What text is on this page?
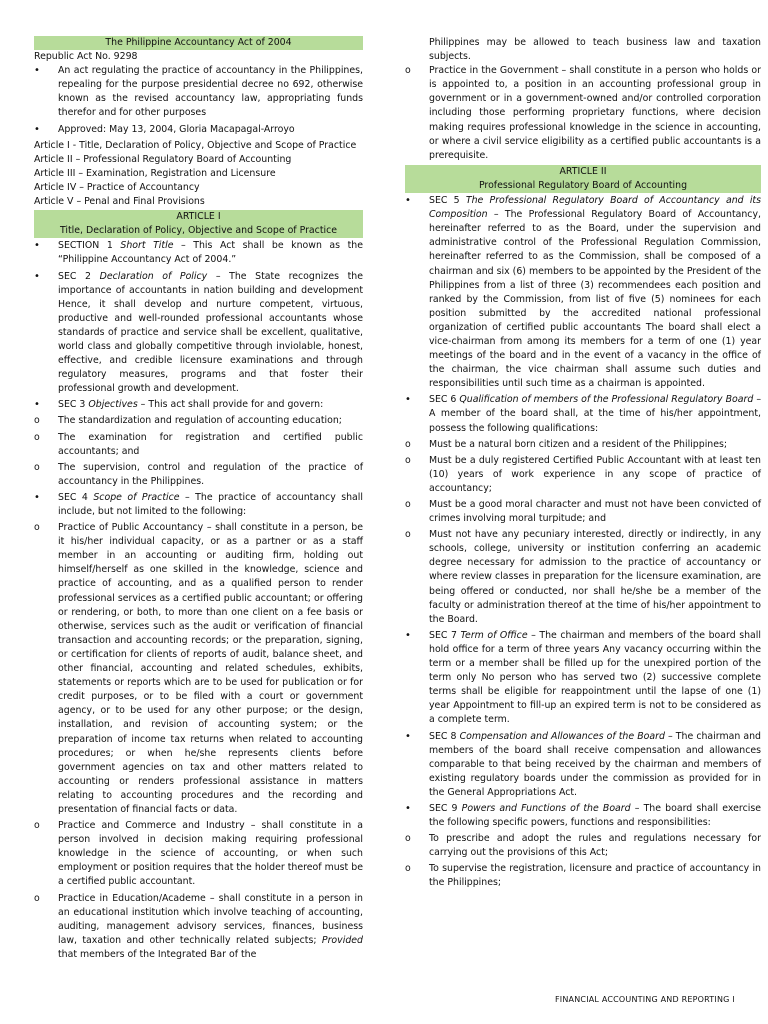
The Philippine Accountancy Act of 2004

Republic Act No. 9298

•	An act regulating the practice of accountancy in the Philippines, repealing for the purpose presidential decree no 692, otherwise known as the revised accountancy law, appropriating funds therefor and for other purposes
•	Approved: May 13, 2004, Gloria Macapagal-Arroyo

Article I - Title, Declaration of Policy, Objective and Scope of Practice

Article II – Professional Regulatory Board of Accounting

Article III – Examination, Registration and Licensure

Article IV – Practice of Accountancy

Article V – Penal and Final Provisions

ARTICLE I
Title, Declaration of Policy, Objective and Scope of Practice
•	SECTION 1 Short Title – This Act shall be known as the “Philippine Accountancy Act of 2004.”
•	SEC 2 Declaration of Policy – The State recognizes the importance of accountants in nation building and development Hence, it shall develop and nurture competent, virtuous, productive and well-rounded professional accountants whose standards of practice and service shall be excellent, qualitative, world class and globally competitive through inviolable, honest, effective, and credible licensure examinations and through regulatory measures, programs and that foster their professional growth and development.
•	SEC 3 Objectives – This act shall provide for and govern:
o	The standardization and regulation of accounting education;
o	The examination for registration and certified public accountants; and
o	The supervision, control and regulation of the practice of accountancy in the Philippines.
•	SEC 4 Scope of Practice – The practice of accountancy shall include, but not limited to the following:
o	Practice of Public Accountancy – shall constitute in a person, be it his/her individual capacity, or as a partner or as a staff member in an accounting or auditing firm, holding out himself/herself as one skilled in the knowledge, science and practice of accounting, and as a qualified person to render professional services as a certified public accountant; or offering or rendering, or both, to more than one client on a fee basis or otherwise, services such as the audit or verification of financial transaction and accounting records; or the preparation, signing, or certification for clients of reports of audit, balance sheet, and other financial, accounting and related schedules, exhibits, statements or reports which are to be used for publication or for credit purposes, or to be filed with a court or government agency, or to be used for any other purpose; or the design, installation, and revision of accounting system; or the preparation of income tax returns when related to accounting procedures; or when he/she represents clients before government agencies on tax and other matters related to accounting or renders professional assistance in matters relating to accounting procedures and the recording and presentation of financial facts or data.
o	Practice and Commerce and Industry – shall constitute in a person involved in decision making requiring professional knowledge in the science of accounting, or when such employment or position requires that the holder thereof must be a certified public accountant.
o	Practice in Education/Academe – shall constitute in a person in an educational institution which involve teaching of accounting, auditing, management advisory services, finances, business law, taxation and other technically related subjects; Provided that members of the Integrated Bar of the

Philippines may be allowed to teach business law and taxation subjects.

o	Practice in the Government – shall constitute in a person who holds or is appointed to, a position in an accounting professional group in government or in a government-owned and/or controlled corporation including those performing proprietary functions, where decision making requires professional knowledge in the science in accounting, or where a civil service eligibility as a certified public accountants is a prerequisite.
ARTICLE II
Professional Regulatory Board of Accounting
•	SEC 5 The Professional Regulatory Board of Accountancy and its Composition – The Professional Regulatory Board of Accountancy, hereinafter referred to as the Board, under the supervision and administrative control of the Professional Regulation Commission, hereinafter referred to as the Commission, shall be composed of a chairman and six (6) members to be appointed by the President of the Philippines from a list of three (3) recommendees each position and ranked by the Commission, from list of five (5) nominees for each position submitted by the accredited national professional organization of certified public accountants The board shall elect a vice-chairman from among its members for a term of one (1) year meetings of the board and in the event of a vacancy in the office of the chairman, the vice chairman shall assume such duties and responsibilities until such time as a chairman is appointed.
•	SEC 6 Qualification of members of the Professional Regulatory Board – A member of the board shall, at the time of his/her appointment, possess the following qualifications:
o	Must be a natural born citizen and a resident of the Philippines;
o	Must be a duly registered Certified Public Accountant with at least ten (10) years of work experience in any scope of practice of accountancy;
o	Must be a good moral character and must not have been convicted of crimes involving moral turpitude; and
o	Must not have any pecuniary interested, directly or indirectly, in any schools, college, university or institution conferring an academic degree necessary for admission to the practice of accountancy or where review classes in preparation for the licensure examination, are being offered or conducted, nor shall he/she be a member of the faculty or administration thereof at the time of his/her appointment to the Board.
•	SEC 7 Term of Office – The chairman and members of the board shall hold office for a term of three years Any vacancy occurring within the term or a member shall be filled up for the unexpired portion of the term only No person who has served two (2) successive complete terms shall be eligible for reappointment until the lapse of one (1) year Appointment to fill-up an expired term is not to be considered as a complete term.
•	SEC 8 Compensation and Allowances of the Board – The chairman and members of the board shall receive compensation and allowances comparable to that being received by the chairman and members of existing regulatory boards under the commission as provided for in the General Appropriations Act.
•	SEC 9 Powers and Functions of the Board – The board shall exercise the following specific powers, functions and responsibilities:
o	To prescribe and adopt the rules and regulations necessary for carrying out the provisions of this Act;
o	To supervise the registration, licensure and practice of accountancy in the Philippines;
FINANCIAL ACCOUNTING AND REPORTING I
